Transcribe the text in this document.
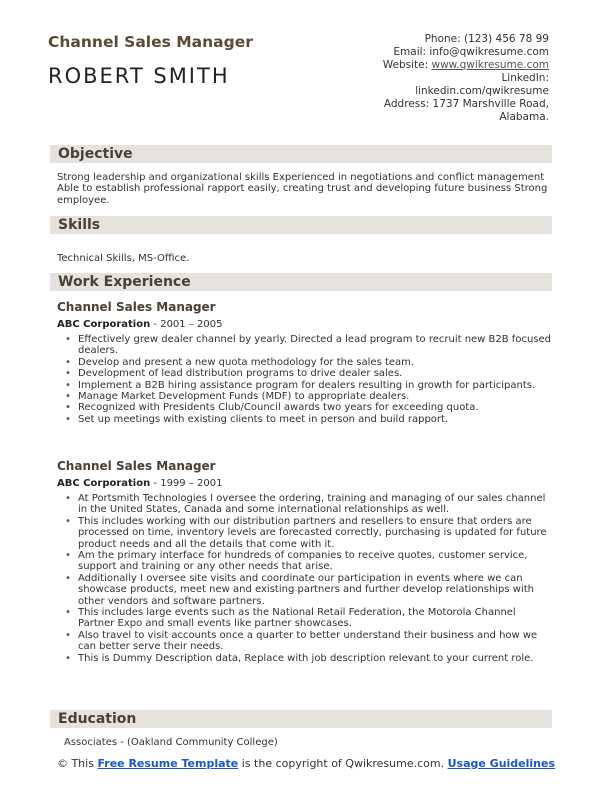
Channel Sales Manager
ROBERT SMITH
Phone: (123) 456 78 99
Email: info@qwikresume.com
Website: www.qwikresume.com
LinkedIn:
linkedin.com/qwikresume
Address: 1737 Marshville Road,
Alabama.
Objective
Strong leadership and organizational skills Experienced in negotiations and conflict management Able to establish professional rapport easily, creating trust and developing future business Strong employee.
Skills
Technical Skills, MS-Office.
Work Experience
Channel Sales Manager
ABC Corporation - 2001 – 2005
• Effectively grew dealer channel by yearly. Directed a lead program to recruit new B2B focused dealers.
• Develop and present a new quota methodology for the sales team.
• Development of lead distribution programs to drive dealer sales.
• Implement a B2B hiring assistance program for dealers resulting in growth for participants.
• Manage Market Development Funds (MDF) to appropriate dealers.
• Recognized with Presidents Club/Council awards two years for exceeding quota.
• Set up meetings with existing clients to meet in person and build rapport.
Channel Sales Manager
ABC Corporation - 1999 – 2001
• At Portsmith Technologies I oversee the ordering, training and managing of our sales channel in the United States, Canada and some international relationships as well.
• This includes working with our distribution partners and resellers to ensure that orders are processed on time, inventory levels are forecasted correctly, purchasing is updated for future product needs and all the details that come with it.
• Am the primary interface for hundreds of companies to receive quotes, customer service, support and training or any other needs that arise.
• Additionally I oversee site visits and coordinate our participation in events where we can showcase products, meet new and existing partners and further develop relationships with other vendors and software partners.
• This includes large events such as the National Retail Federation, the Motorola Channel Partner Expo and small events like partner showcases.
• Also travel to visit accounts once a quarter to better understand their business and how we can better serve their needs.
• This is Dummy Description data, Replace with job description relevant to your current role.
Education
Associates - (Oakland Community College)
© This Free Resume Template is the copyright of Qwikresume.com. Usage Guidelines
